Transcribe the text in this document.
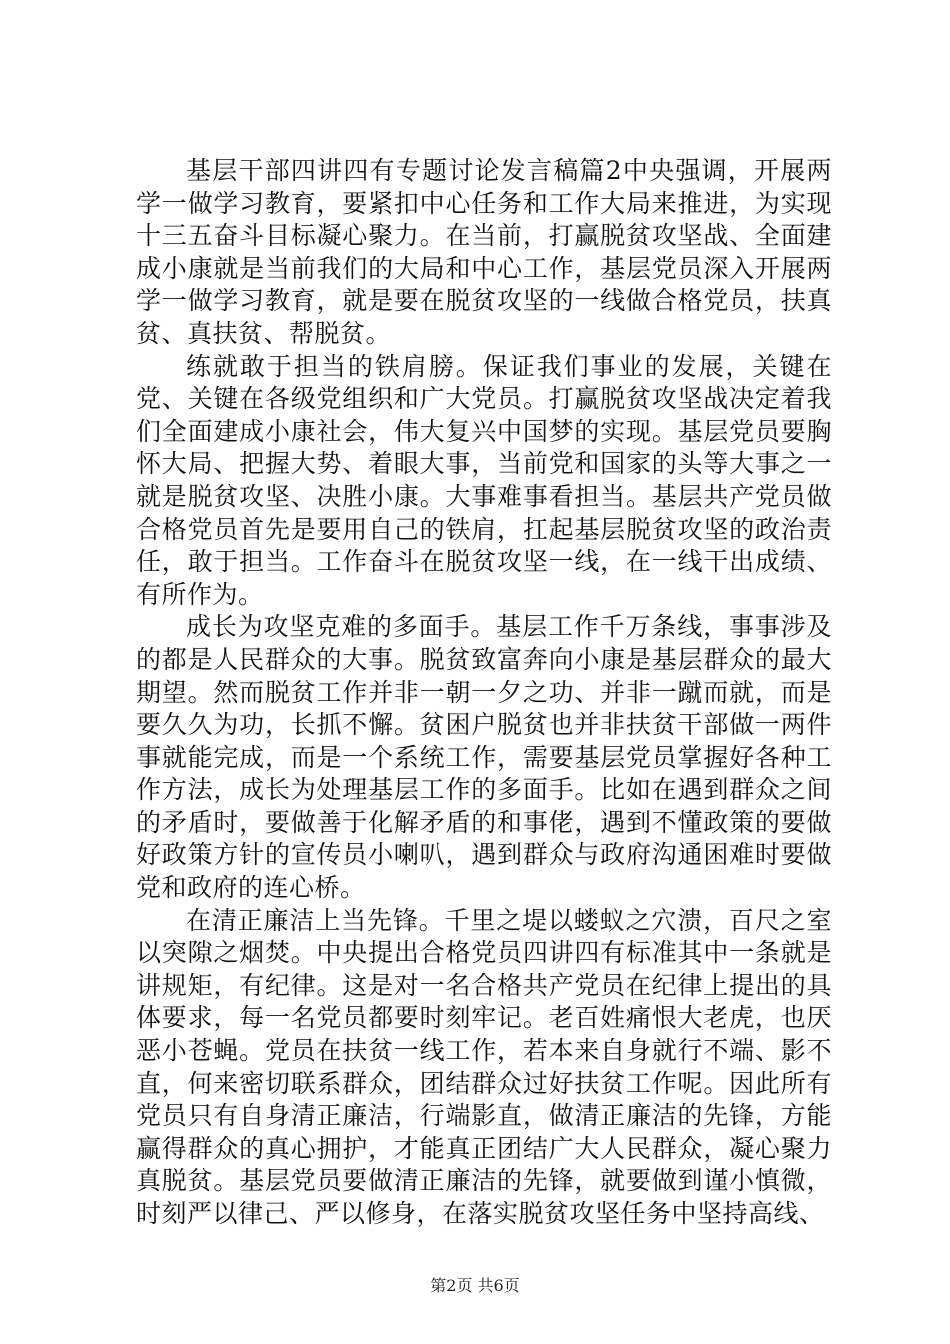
基层干部四讲四有专题讨论发言稿篇2中央强调，开展两学一做学习教育，要紧扣中心任务和工作大局来推进，为实现十三五奋斗目标凝心聚力。在当前，打赢脱贫攻坚战、全面建成小康就是当前我们的大局和中心工作，基层党员深入开展两学一做学习教育，就是要在脱贫攻坚的一线做合格党员，扶真贫、真扶贫、帮脱贫。

练就敢于担当的铁肩膀。保证我们事业的发展，关键在党、关键在各级党组织和广大党员。打赢脱贫攻坚战决定着我们全面建成小康社会，伟大复兴中国梦的实现。基层党员要胸怀大局、把握大势、着眼大事，当前党和国家的头等大事之一就是脱贫攻坚、决胜小康。大事难事看担当。基层共产党员做合格党员首先是要用自己的铁肩，扛起基层脱贫攻坚的政治责任，敢于担当。工作奋斗在脱贫攻坚一线，在一线干出成绩、有所作为。

成长为攻坚克难的多面手。基层工作千万条线，事事涉及的都是人民群众的大事。脱贫致富奔向小康是基层群众的最大期望。然而脱贫工作并非一朝一夕之功、并非一蹴而就，而是要久久为功，长抓不懈。贫困户脱贫也并非扶贫干部做一两件事就能完成，而是一个系统工作，需要基层党员掌握好各种工作方法，成长为处理基层工作的多面手。比如在遇到群众之间的矛盾时，要做善于化解矛盾的和事佬，遇到不懂政策的要做好政策方针的宣传员小喇叭，遇到群众与政府沟通困难时要做党和政府的连心桥。

在清正廉洁上当先锋。千里之堤以蝼蚁之穴溃，百尺之室以突隙之烟焚。中央提出合格党员四讲四有标准其中一条就是讲规矩，有纪律。这是对一名合格共产党员在纪律上提出的具体要求，每一名党员都要时刻牢记。老百姓痛恨大老虎，也厌恶小苍蝇。党员在扶贫一线工作，若本来自身就行不端、影不直，何来密切联系群众，团结群众过好扶贫工作呢。因此所有党员只有自身清正廉洁，行端影直，做清正廉洁的先锋，方能赢得群众的真心拥护，才能真正团结广大人民群众，凝心聚力真脱贫。基层党员要做清正廉洁的先锋，就要做到谨小慎微，时刻严以律己、严以修身，在落实脱贫攻坚任务中坚持高线、

第2页 共6页
